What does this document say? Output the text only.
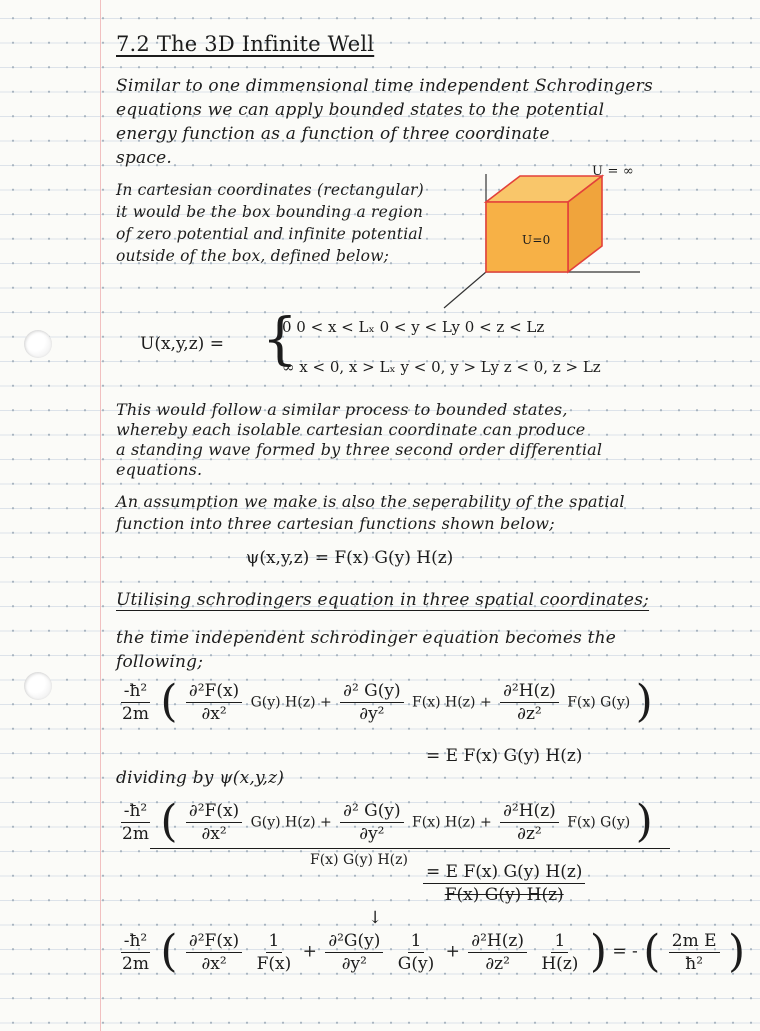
7.2 The 3D Infinite Well
Similar to one dimmensional time independent Schrodingers
equations we can apply bounded states to the potential
energy function as a function of three coordinate
space.
In cartesian coordinates (rectangular)
it would be the box bounding a region
of zero potential and infinite potential
outside of the box, defined below;
U = ∞
U=0
U(x,y,z) = {
0 0 < x < Lₓ 0 < y < Ly 0 < z < Lz
∞ x < 0, x > Lₓ y < 0, y > Ly z < 0, z > Lz
This would follow a similar process to bounded states,
whereby each isolable cartesian coordinate can produce
a standing wave formed by three second order differential
equations.
An assumption we make is also the seperability of the spatial
function into three cartesian functions shown below;
ψ(x,y,z) = F(x) G(y) H(z)
Utilising schrodingers equation in three spatial coordinates;
the time independent schrodinger equation becomes the
following;
$\frac{\text{-ħ²}}{2m}$ ( $\frac{\text{∂²F(x)}}{\text{∂x²}} G(y) H(z) + \frac{\text{∂² G(y)}}{\text{∂y²}} F(x) H(z) + \frac{\text{∂²H(z)}}{\text{∂z²}} F(x)$ G(y) )
= E F(x) G(y) H(z)
dividing by ψ(x,y,z)
$\frac{\text{-ħ²}}{2m}$ ( $\frac{\text{∂²F(x)}}{\text{∂x²}} G(y) H(z) + \frac{\text{∂² G(y)}}{\text{∂y²}} F(x) H(z) + \frac{\text{∂²H(z)}}{\text{∂z²}} F(x)$ G(y) )
F(x) G(y) H(z)
$\frac{\text{= E F(x) G(y) H(z)}}{F(x) G(y) H(z)}$
↓
$\frac{\text{-ħ²}}{2m}$ ( $\frac{\text{∂²F(x)}}{\text{∂x²}}$
$\frac{1}{F(x)} + \frac{\text{∂²G(y)}}{\text{∂y²}}$
$\frac{1}{G(y)} + \frac{\text{∂²H(z)}}{\text{∂z²}}$
$\frac{1}{H(z)}$ ) = - ( $\frac{\text{2m E}}{\text{ħ²}}$ )
